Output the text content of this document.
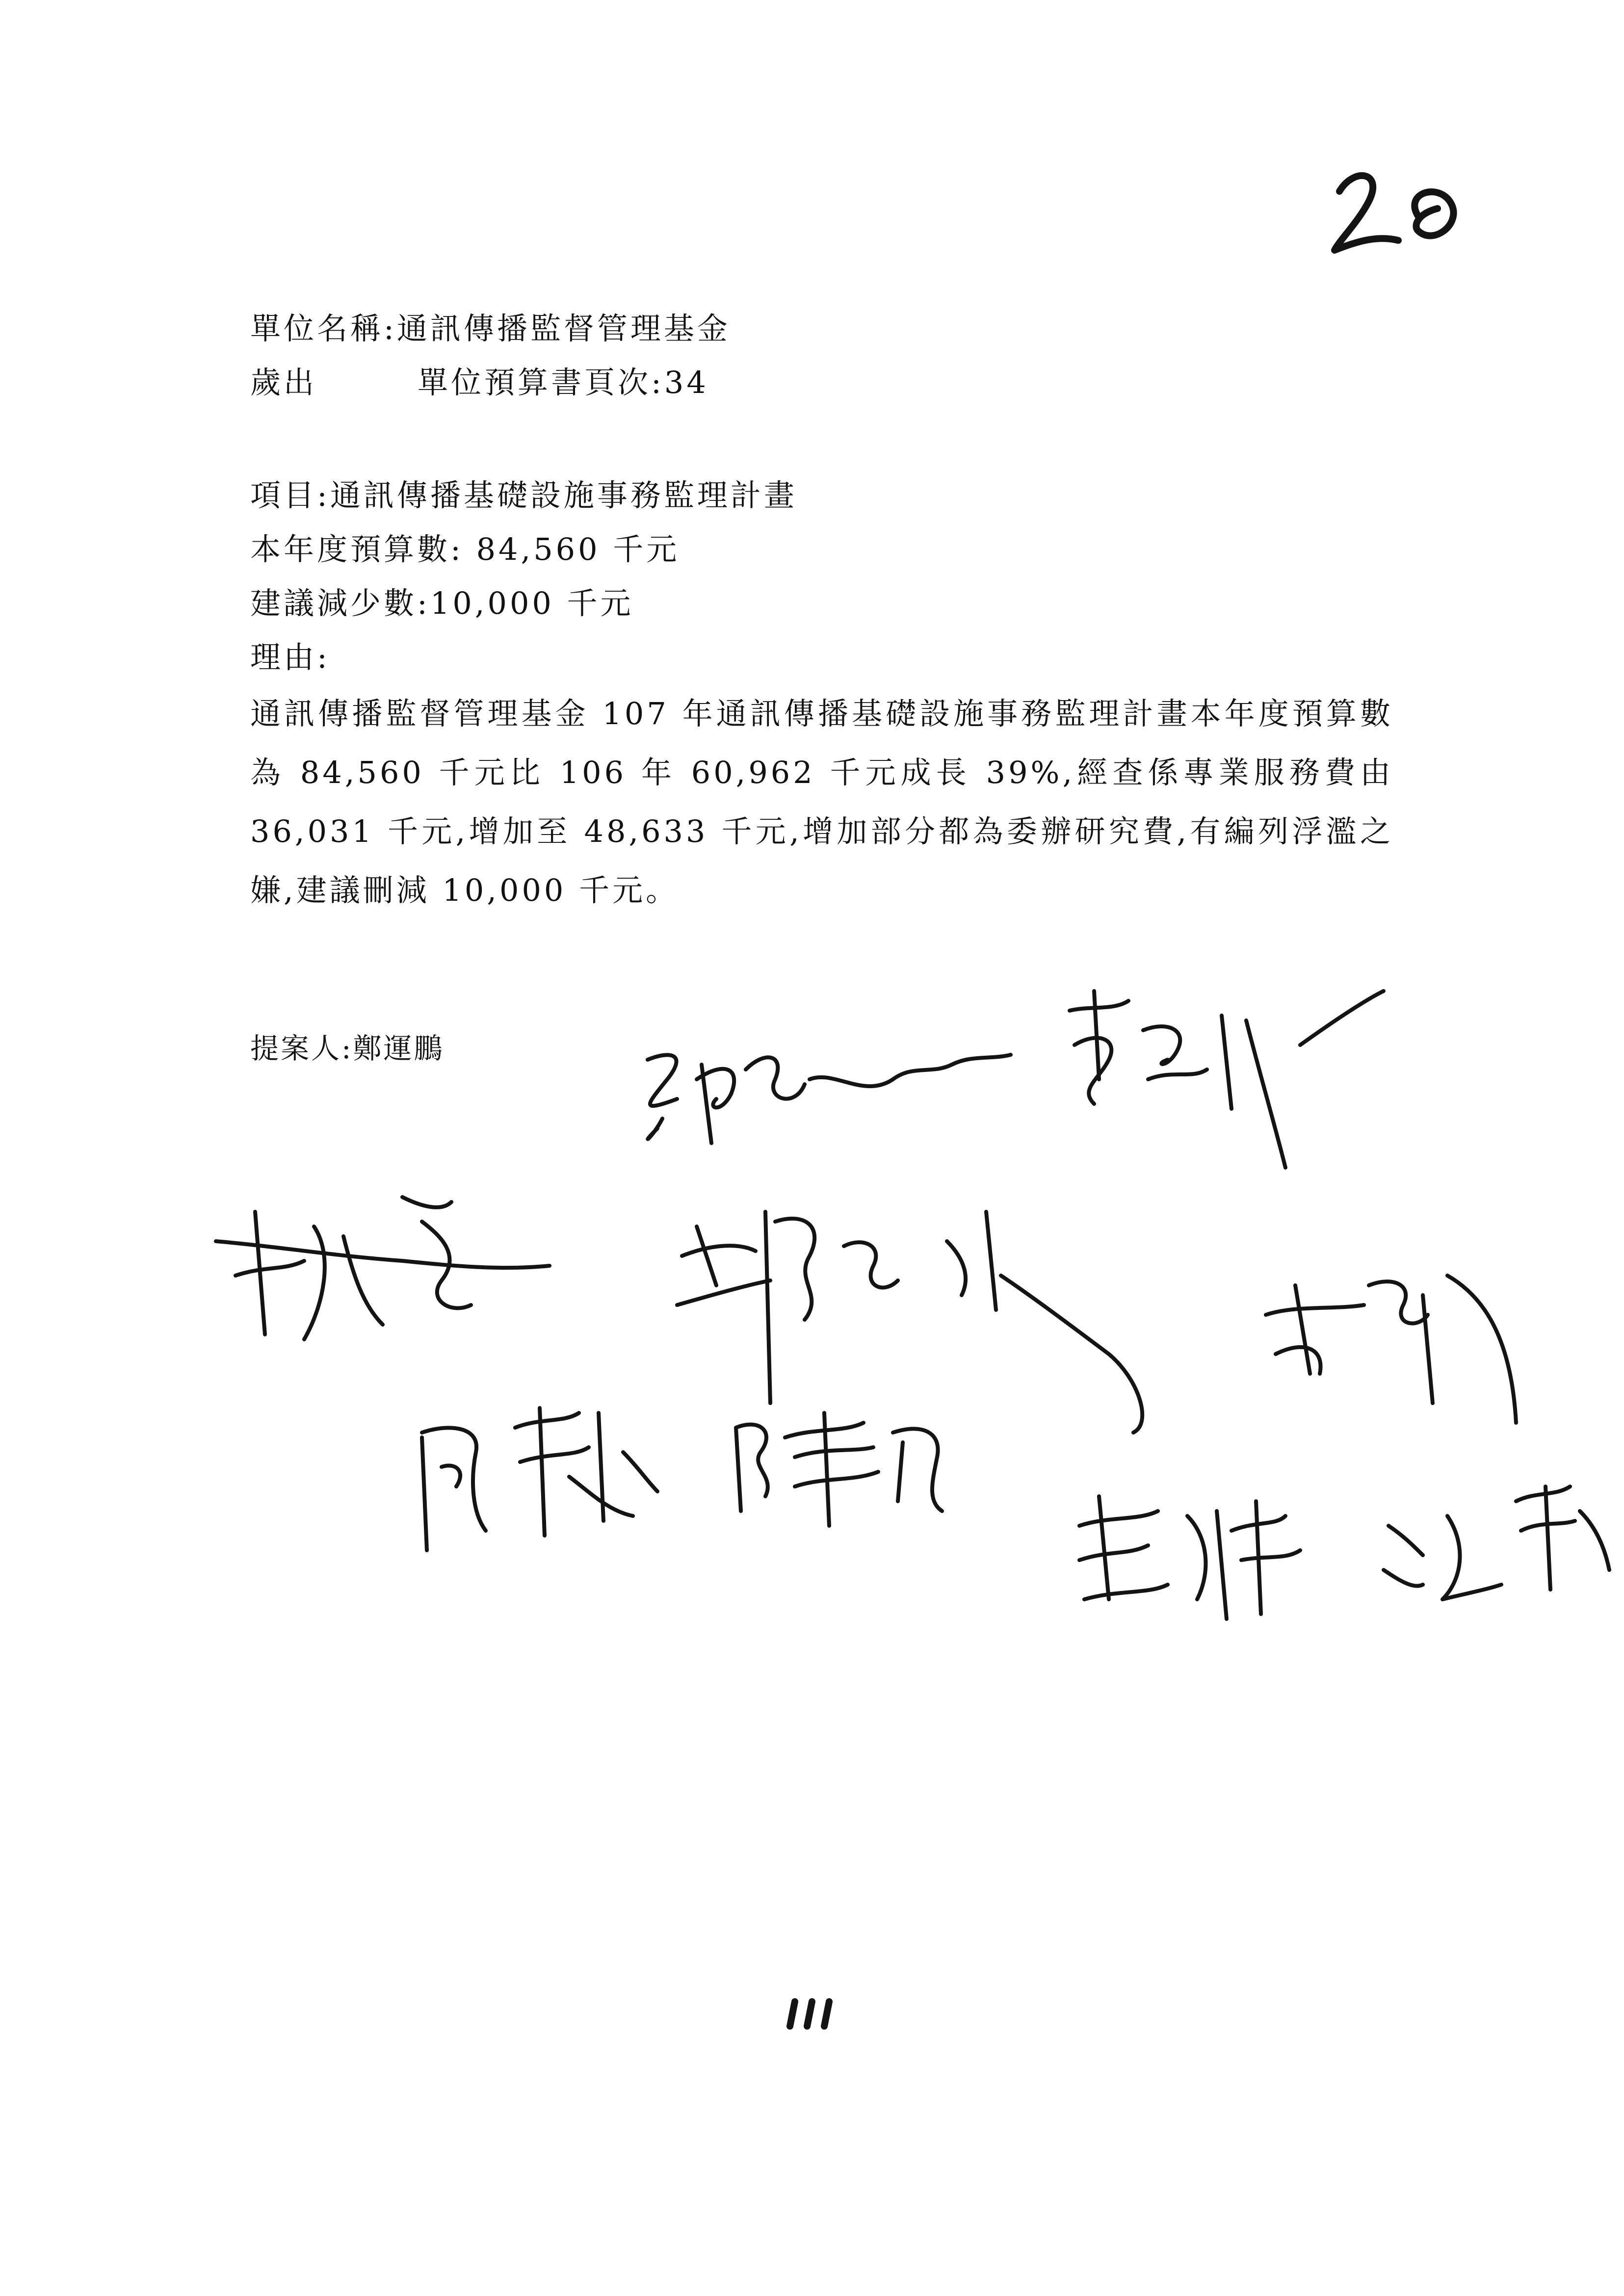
單位名稱:通訊傳播監督管理基金
歲出	單位預算書頁次:34
項目:通訊傳播基礎設施事務監理計畫
本年度預算數: 84,560 千元
建議減少數:10,000 千元
理由:
通訊傳播監督管理基金 107 年通訊傳播基礎設施事務監理計畫本年度預算數為 84,560 千元比 106 年 60,962 千元成長 39%,經查係專業服務費由 36,031 千元,增加至 48,633 千元,增加部分都為委辦研究費,有編列浮濫之嫌,建議刪減 10,000 千元。
提案人:鄭運鵬
